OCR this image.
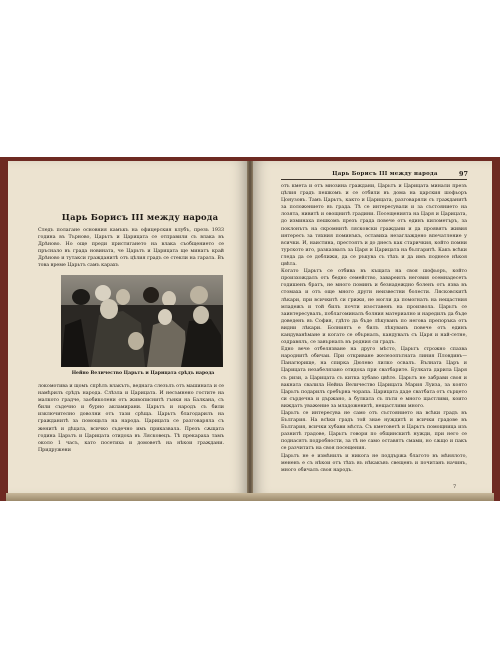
Царь Борисъ III между народа
Следъ полагане основния камъкъ на офицерския клубъ, презъ 1933 година въ Търново, Царьтъ и Царицата се отправили съ влака въ Дрѣново. Но още преди пристигането на влака съобщението се пръснало въ града новината, че Царьтъ и Царицата ще минатъ край Дрѣново и тутакси гражданитѣ отъ цѣлия градъ се стекли на гарата. Въ това време Царьтъ самъ карахъ
Нейно Величество Царьтъ и Царицата срѣдъ народа
локомотива и щомъ спрѣлъ влакътъ, веднага слезълъ отъ машината и се намѣрилъ срѣдъ народа. Слѣзла и Царицата. И несъмнено гостите на малкото градче, заобиколени отъ живописнитѣ гънки на Балкана, съ били съдечно и бурно акламирани. Царьтъ и народъ съ били изключително доволни отъ тази срѣща. Царьтъ благодарилъ на гражданитѣ за помощьта на народа. Царицата се разговаряла съ женитѣ и дѣцата, всичко съдечно имъ приказвала. Презъ сѫщата година Царьтъ и Царицата отидоха въ Лясковецъ. Тѣ прекараха тамъ около 1 часъ, като посетиха и домоветѣ на нѣкои граждани. Придружени
Царь Борисъ III между народа	97
отъ кмета и отъ мнозина граждани, Царьтъ и Царицата минали презъ цѣлия градъ пешкомъ и се отбили въ дома на царския шофьоръ Цонузовъ. Тамъ Царьтъ, както и Царицата, разговаряли съ гражданитѣ за положението въ града. Тѣ се интересували и за състоянието на лозята, нивитѣ и овощнитѣ градини. Посещенията на Царя и Царицата, до изминаха пешкомъ презъ града повече отъ единъ километъръ, за поклонътъ на скромнитѣ лясковски граждани и да проявятъ живия интересъ за тяхния поминъкъ, оставиха незаглаждено впечатление у всички. И, наистина, престоятъ и до днесъ как старичкия, който помни турското иго, разказвалъ за Царя и Царицата на българитѣ. Какъ всѣки гледа да се доближи, да се ръкува съ тѣхъ и да имъ поднесе нѣкоя цвѣта.
Когато Царьтъ се отбива въ къщата на своя шофьоръ, който произхождалъ отъ бедно семейство, завареилъ неговия осемнадесетъ годишенъ братъ, не много поминъ и безнадеждно боленъ отъ язва въ стомаха и отъ още много други неизвестни болести. Лясковскитѣ лѣкари, при всичкитѣ си грижи, не могли да помогнатъ на нещастния младежъ и той билъ почти изоставенъ на произвола. Царьтъ се заинтересувалъ, поблагоминалъ болния материално и наредилъ да бъде доведенъ въ София, гдѣто да бъде лѣкуванъ по негова препоръка отъ видни лѣкари. Болниятъ е билъ лѣкуванъ повече отъ единъ кандуванѣмане и когато се обърналъ, кандувалъ съ Царя и най-сетне, оздравялъ, се завърналъ въ родния си градъ.
Едно вече отбелязване на друго мѣсто, Царьтъ строжно спазва народнитѣ обичаи. При откриване железопътната линия Пловдивъ—Панагюрище, на спирка Дюлево лилко освалъ. Вълната Царъ и Царицата незабелязано отидоха при сватбарите. Булката дарила Царя съ ризи, а Царицата съ китка хубаво цвѣте. Царьтъ не забрави своя и вакната свалила Нейна Величество Царицата Мария Луиза, за която Царьтъ подарилъ сребърна чорапа. Царицата даде сватбата отъ сърцето си сърдечна и държано, а булката съ пъти е много щастливи, които виждатъ уважение за младоженитѣ, нещастливи много.
Царьтъ се интересува не само отъ състоянието на всѣки градъ въ България. На всѣки градъ той знае нуждитѣ и всички градове въ България, всички хубави мѣста. Съ кметоветѣ и Царьтъ помощница изъ разнитѣ градове, Царьтъ говори по общинскитѣ нужди, при него се поднасятъ подробности, за тѣ не само оставятъ смами, но сѫщо и пакъ се разчитатъ на своя посещения.
Царьтъ не е измѣнилъ и никога не поддържа благото въ мѣнялото, мененъ е съ нѣкои отъ тѣхъ въ нѣкакъвъ свещенъ и почитанъ начинъ, много обичалъ своя народъ.
7
